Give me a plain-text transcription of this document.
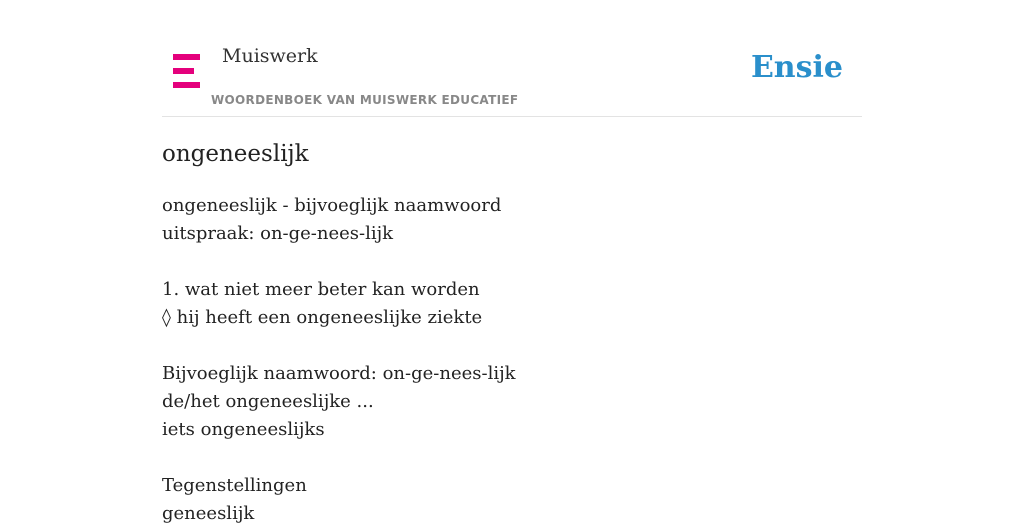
Muiswerk
WOORDENBOEK VAN MUISWERK EDUCATIEF
Ensie
ongeneeslijk
ongeneeslijk - bijvoeglijk naamwoord
uitspraak: on-ge-nees-lijk
1. wat niet meer beter kan worden
◊ hij heeft een ongeneeslijke ziekte
Bijvoeglijk naamwoord: on-ge-nees-lijk
de/het ongeneeslijke ...
iets ongeneeslijks
Tegenstellingen
geneeslijk
